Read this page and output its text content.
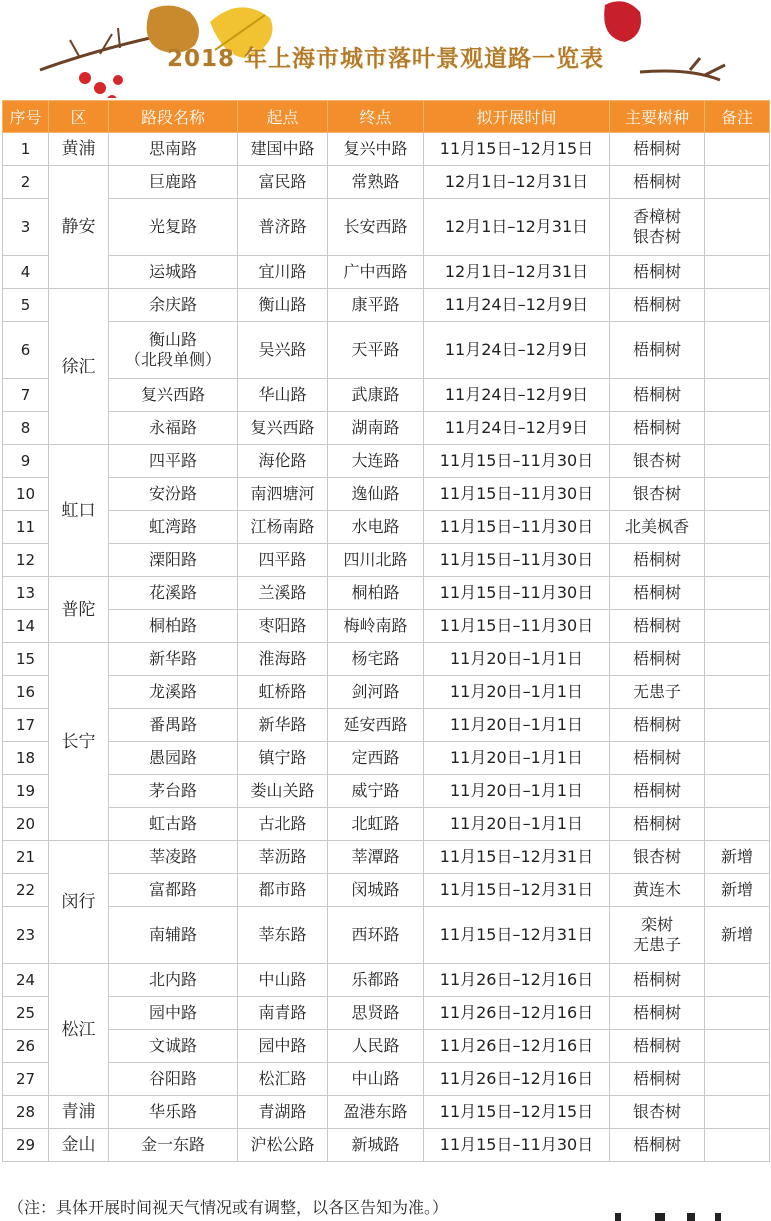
2018 年上海市城市落叶景观道路一览表
序号	区	路段名称	起点	终点	拟开展时间	主要树种	备注
1	黄浦	思南路	建国中路	复兴中路	11月15日–12月15日	梧桐树	
2	静安	巨鹿路	富民路	常熟路	12月1日–12月31日	梧桐树	
3		光复路	普济路	长安西路	12月1日–12月31日	香樟树
银杏树	
4		运城路	宜川路	广中西路	12月1日–12月31日	梧桐树	
5	徐汇	余庆路	衡山路	康平路	11月24日–12月9日	梧桐树	
6		衡山路
（北段单侧）	吴兴路	天平路	11月24日–12月9日	梧桐树	
7		复兴西路	华山路	武康路	11月24日–12月9日	梧桐树	
8		永福路	复兴西路	湖南路	11月24日–12月9日	梧桐树	
9	虹口	四平路	海伦路	大连路	11月15日–11月30日	银杏树	
10		安汾路	南泗塘河	逸仙路	11月15日–11月30日	银杏树	
11		虹湾路	江杨南路	水电路	11月15日–11月30日	北美枫香	
12		溧阳路	四平路	四川北路	11月15日–11月30日	梧桐树	
13	普陀	花溪路	兰溪路	桐柏路	11月15日–11月30日	梧桐树	
14		桐柏路	枣阳路	梅岭南路	11月15日–11月30日	梧桐树	
15	长宁	新华路	淮海路	杨宅路	11月20日–1月1日	梧桐树	
16		龙溪路	虹桥路	剑河路	11月20日–1月1日	无患子	
17		番禺路	新华路	延安西路	11月20日–1月1日	梧桐树	
18		愚园路	镇宁路	定西路	11月20日–1月1日	梧桐树	
19		茅台路	娄山关路	威宁路	11月20日–1月1日	梧桐树	
20		虹古路	古北路	北虹路	11月20日–1月1日	梧桐树	
21	闵行	莘凌路	莘沥路	莘潭路	11月15日–12月31日	银杏树	新增
22		富都路	都市路	闵城路	11月15日–12月31日	黄连木	新增
23		南辅路	莘东路	西环路	11月15日–12月31日	栾树
无患子	新增
24	松江	北内路	中山路	乐都路	11月26日–12月16日	梧桐树	
25		园中路	南青路	思贤路	11月26日–12月16日	梧桐树	
26		文诚路	园中路	人民路	11月26日–12月16日	梧桐树	
27		谷阳路	松汇路	中山路	11月26日–12月16日	梧桐树	
28	青浦	华乐路	青湖路	盈港东路	11月15日–12月15日	银杏树	
29	金山	金一东路	沪松公路	新城路	11月15日–11月30日	梧桐树	
（注：具体开展时间视天气情况或有调整，以各区告知为准。）
